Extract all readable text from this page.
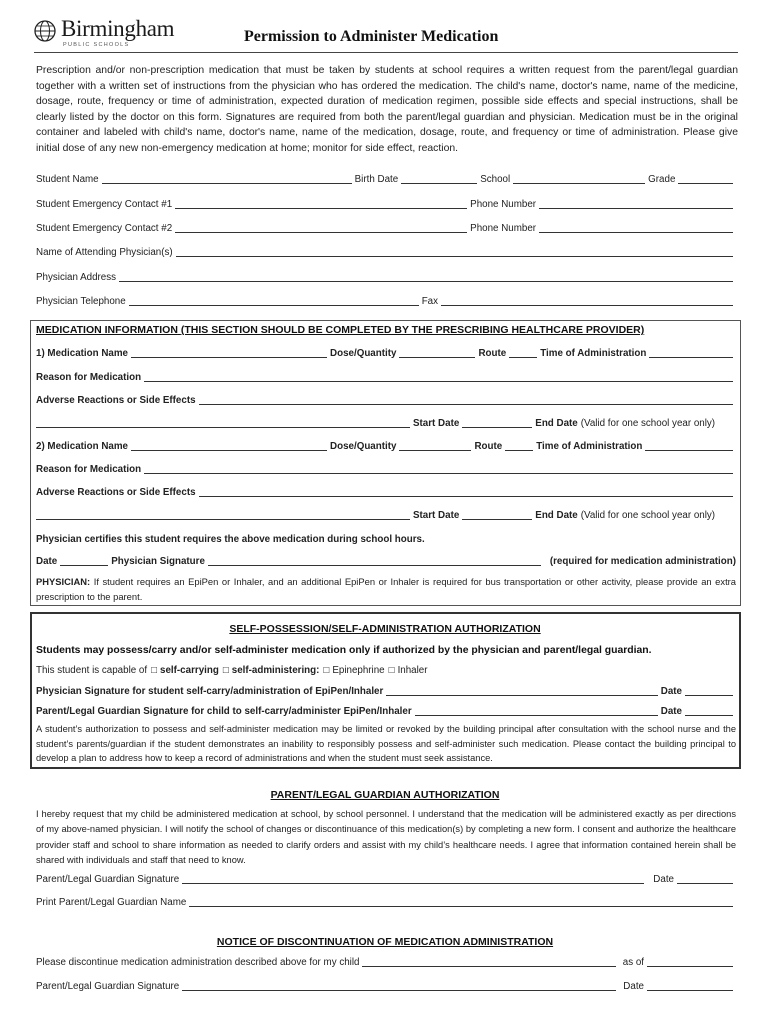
Birmingham
PUBLIC SCHOOLS	Permission to Administer Medication
Prescription and/or non-prescription medication that must be taken by students at school requires a written request from the parent/legal guardian together with a written set of instructions from the physician who has ordered the medication. The child's name, doctor's name, name of the medicine, dosage, route, frequency or time of administration, expected duration of medication regimen, possible side effects and special instructions, shall be clearly listed by the doctor on this form. Signatures are required from both the parent/legal guardian and physician. Medication must be in the original container and labeled with child's name, doctor's name, name of the medication, dosage, route, and frequency or time of administration. Please give initial dose of any new non-emergency medication at home; monitor for side effect, reaction.
Student Name	Birth Date	School	Grade
Student Emergency Contact #1	Phone Number
Student Emergency Contact #2	Phone Number
Name of Attending Physician(s)
Physician Address
Physician Telephone	Fax
MEDICATION INFORMATION (THIS SECTION SHOULD BE COMPLETED BY THE PRESCRIBING HEALTHCARE PROVIDER)
1) Medication Name	Dose/Quantity	Route	Time of Administration
Reason for Medication
Adverse Reactions or Side Effects
Start Date	End Date (Valid for one school year only)
2) Medication Name	Dose/Quantity	Route	Time of Administration
Reason for Medication
Adverse Reactions or Side Effects
Start Date	End Date (Valid for one school year only)
Physician certifies this student requires the above medication during school hours.
Date	Physician Signature	(required for medication administration)
PHYSICIAN: If student requires an EpiPen or Inhaler, and an additional EpiPen or Inhaler is required for bus transportation or other activity, please provide an extra prescription to the parent.
SELF-POSSESSION/SELF-ADMINISTRATION AUTHORIZATION
Students may possess/carry and/or self-administer medication only if authorized by the physician and parent/legal guardian.
This student is capable of □ self-carrying □ self-administering: □ Epinephrine □ Inhaler
Physician Signature for student self-carry/administration of EpiPen/Inhaler	Date
Parent/Legal Guardian Signature for child to self-carry/administer EpiPen/Inhaler	Date
A student’s authorization to possess and self-administer medication may be limited or revoked by the building principal after consultation with the school nurse and the student’s parents/guardian if the student demonstrates an inability to responsibly possess and self-administer such medication. Please contact the building principal to develop a plan to address how to keep a record of administrations and when the student must seek assistance.
PARENT/LEGAL GUARDIAN AUTHORIZATION
I hereby request that my child be administered medication at school, by school personnel. I understand that the medication will be administered exactly as per directions of my above-named physician. I will notify the school of changes or discontinuance of this medication(s) by completing a new form. I consent and authorize the healthcare provider staff and school to share information as needed to clarify orders and assist with my child’s healthcare needs. I agree that information contained herein shall be shared with individuals and staff that need to know.
Parent/Legal Guardian Signature	Date
Print Parent/Legal Guardian Name
NOTICE OF DISCONTINUATION OF MEDICATION ADMINISTRATION
Please discontinue medication administration described above for my child	as of
Parent/Legal Guardian Signature	Date
